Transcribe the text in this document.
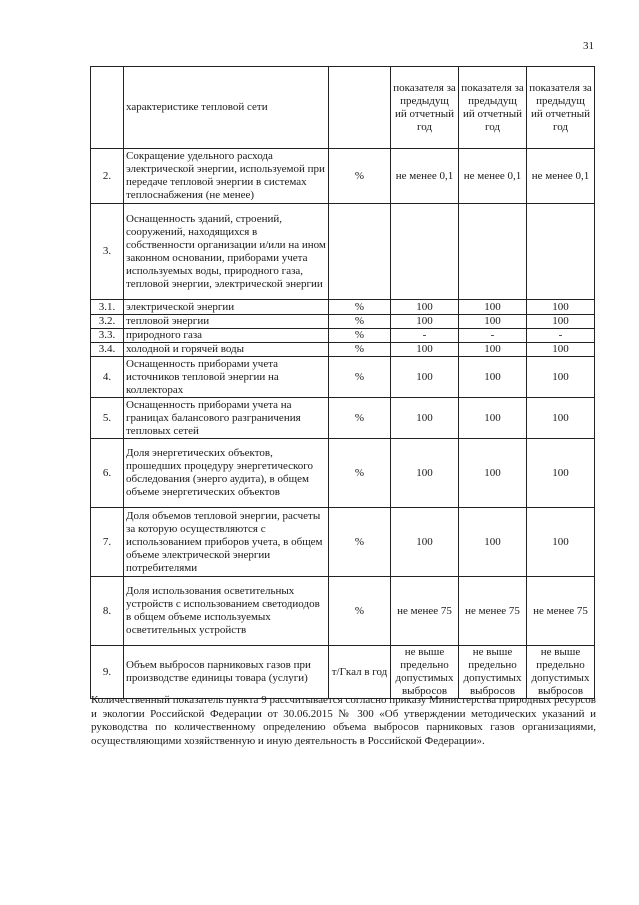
31
	характеристике тепловой сети		показателя за предыдущ ий отчетный год	показателя за предыдущ ий отчетный год	показателя за предыдущ ий отчетный год
2.	Сокращение удельного расхода электрической энергии, используемой при передаче тепловой энергии в системах теплоснабжения (не менее)	%	не менее 0,1	не менее 0,1	не менее 0,1
3.	Оснащенность зданий, строений, сооружений, находящихся в собственности организации и/или на ином законном основании, приборами учета используемых воды, природного газа, тепловой энергии, электрической энергии				
3.1.	электрической энергии	%	100	100	100
3.2.	тепловой энергии	%	100	100	100
3.3.	природного газа	%	-	-	-
3.4.	холодной и горячей воды	%	100	100	100
4.	Оснащенность приборами учета источников тепловой энергии на коллекторах	%	100	100	100
5.	Оснащенность приборами учета на границах балансового разграничения тепловых сетей	%	100	100	100
6.	Доля энергетических объектов, прошедших процедуру энергетического обследования (энерго аудита), в общем объеме энергетических объектов	%	100	100	100
7.	Доля объемов тепловой энергии, расчеты за которую осуществляются с использованием приборов учета, в общем объеме электрической энергии потребителями	%	100	100	100
8.	Доля использования осветительных устройств с использованием светодиодов в общем объеме используемых осветительных устройств	%	не менее 75	не менее 75	не менее 75
9.	Объем выбросов парниковых газов при производстве единицы товара (услуги)	т/Гкал в год	не выше предельно допустимых выбросов	не выше предельно допустимых выбросов	не выше предельно допустимых выбросов
Количественный показатель пункта 9 рассчитывается согласно приказу Министерства природных ресурсов и экологии Российской Федерации от 30.06.2015 № 300 «Об утверждении методических указаний и руководства по количественному определению объема выбросов парниковых газов организациями, осуществляющими хозяйственную и иную деятельность в Российской Федерации».
